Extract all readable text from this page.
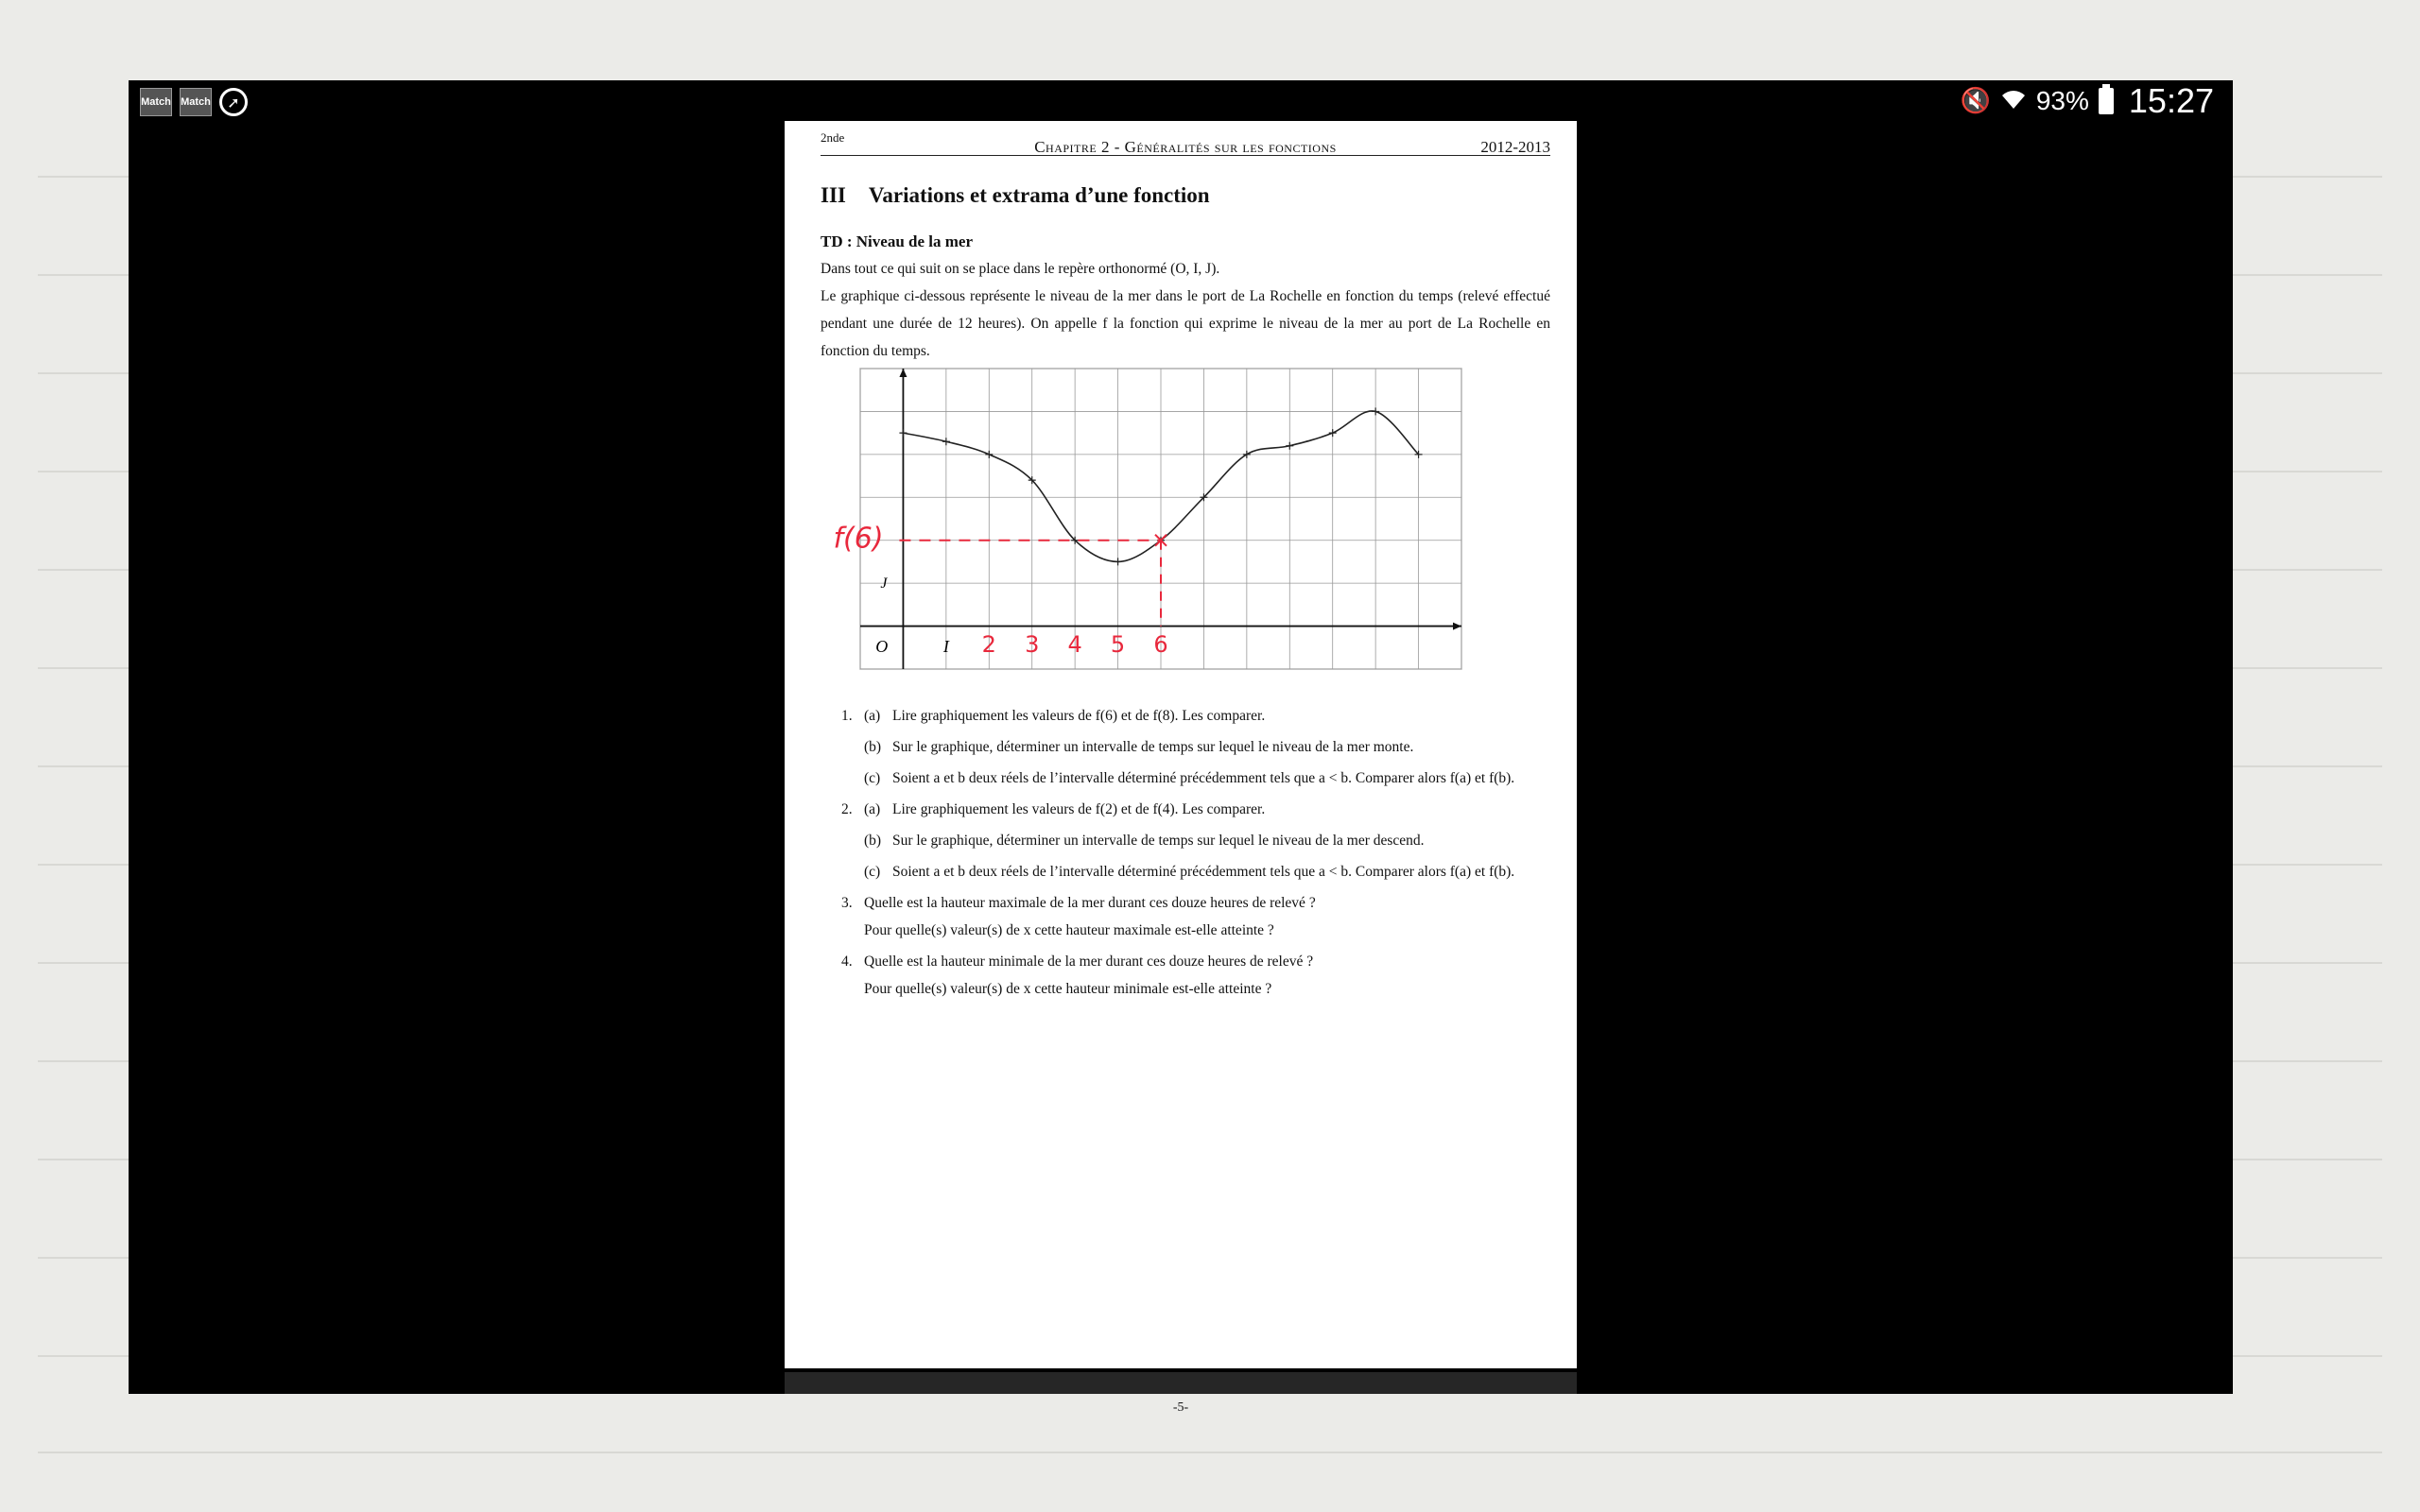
Match Match	➚	🔇 93% 15:27
2nde
Chapitre 2 - Généralités sur les fonctions	2012-2013
III Variations et extrama d’une fonction
TD : Niveau de la mer
Dans tout ce qui suit on se place dans le repère orthonormé (O, I, J).
Le graphique ci-dessous représente le niveau de la mer dans le port de La Rochelle en fonction du temps (relevé effectué pendant une durée de 12 heures). On appelle f la fonction qui exprime le niveau de la mer au port de La Rochelle en fonction du temps.
O	I
J
f(6)
2 3 4 5 6
1. (a) Lire graphiquement les valeurs de f(6) et de f(8). Les comparer.
(b) Sur le graphique, déterminer un intervalle de temps sur lequel le niveau de la mer monte.
(c) Soient a et b deux réels de l’intervalle déterminé précédemment tels que a < b. Comparer alors f(a) et f(b).
2. (a) Lire graphiquement les valeurs de f(2) et de f(4). Les comparer.
(b) Sur le graphique, déterminer un intervalle de temps sur lequel le niveau de la mer descend.
(c) Soient a et b deux réels de l’intervalle déterminé précédemment tels que a < b. Comparer alors f(a) et f(b).
3. Quelle est la hauteur maximale de la mer durant ces douze heures de relevé ?
Pour quelle(s) valeur(s) de x cette hauteur maximale est-elle atteinte ?
4. Quelle est la hauteur minimale de la mer durant ces douze heures de relevé ?
Pour quelle(s) valeur(s) de x cette hauteur minimale est-elle atteinte ?
-5-
